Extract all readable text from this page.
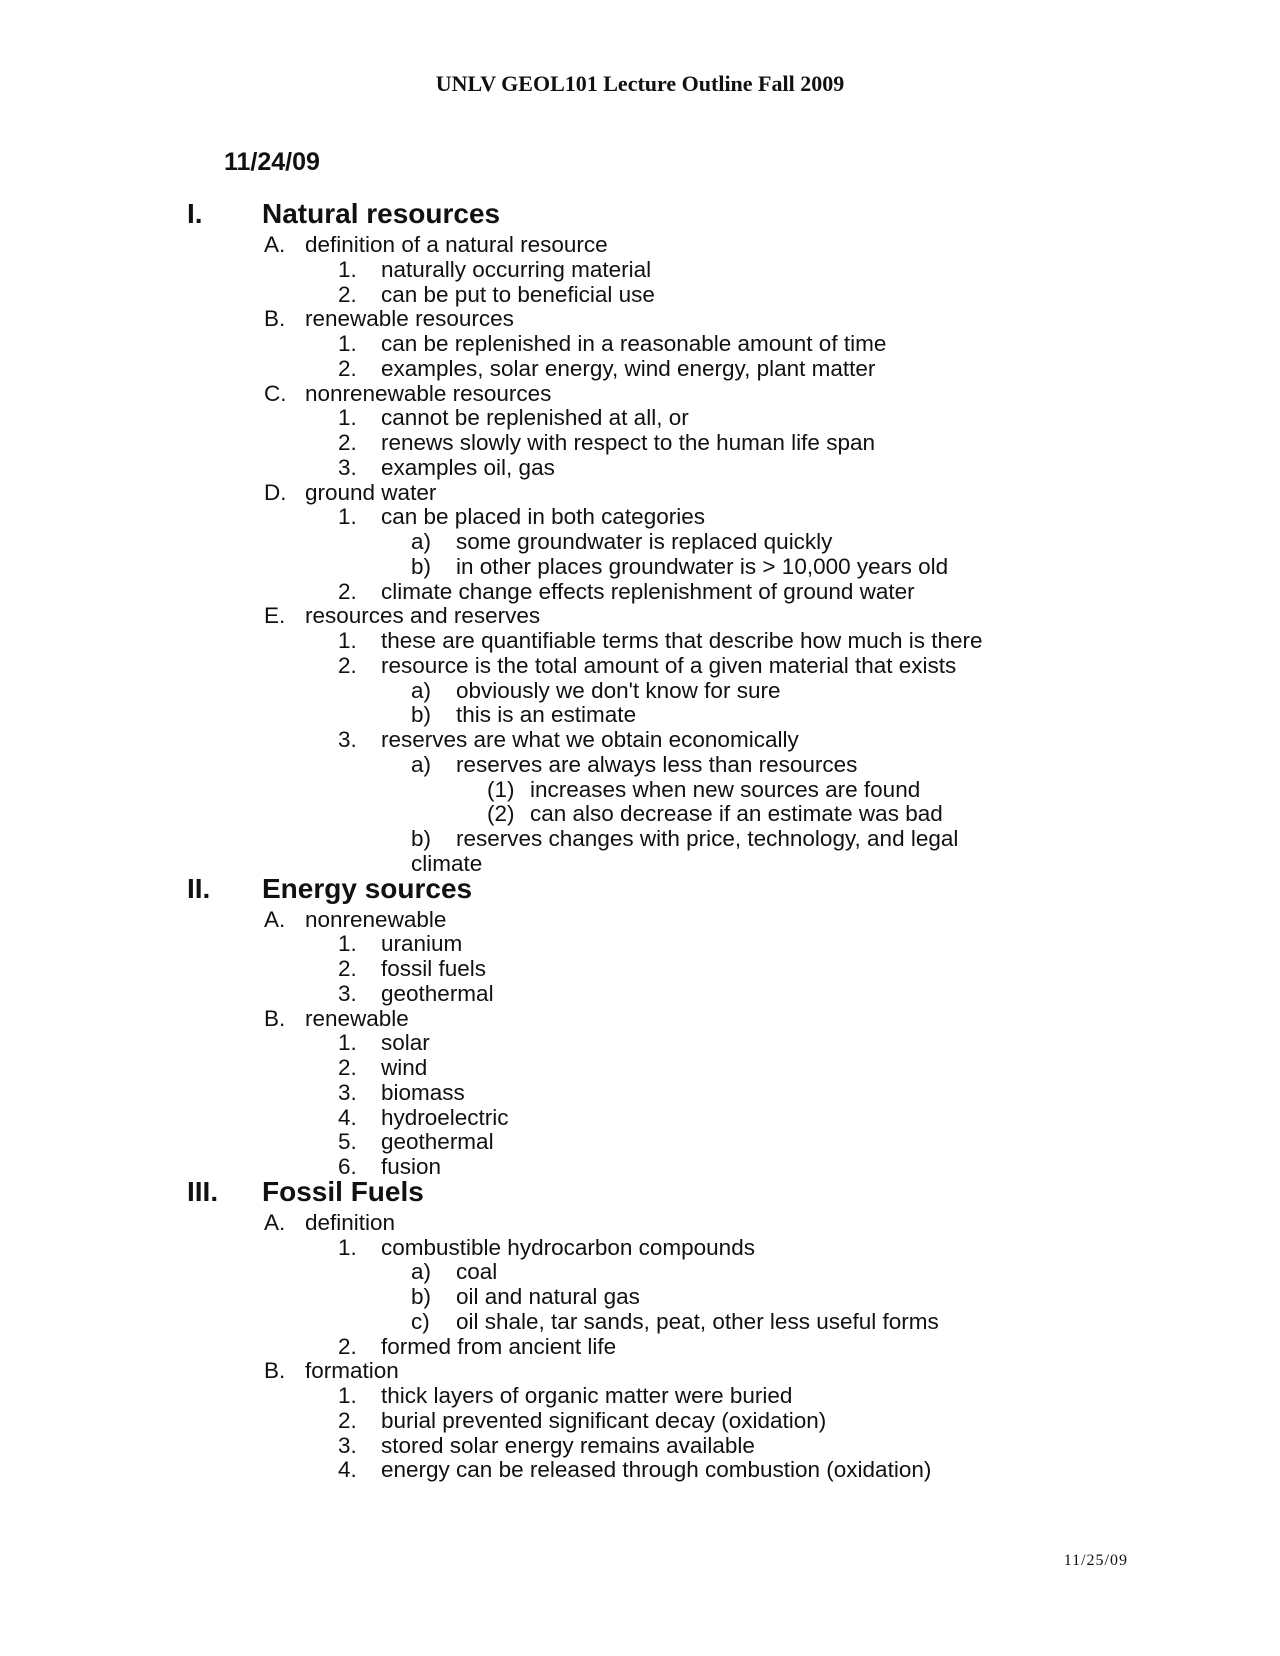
UNLV GEOL101 Lecture Outline Fall 2009
11/24/09
I. Natural resources
A. definition of a natural resource
1. naturally occurring material
2. can be put to beneficial use
B. renewable resources
1. can be replenished in a reasonable amount of time
2. examples, solar energy, wind energy, plant matter
C. nonrenewable resources
1. cannot be replenished at all, or
2. renews slowly with respect to the human life span
3. examples oil, gas
D. ground water
1. can be placed in both categories
a) some groundwater is replaced quickly
b) in other places groundwater is > 10,000 years old
2. climate change effects replenishment of ground water
E. resources and reserves
1. these are quantifiable terms that describe how much is there
2. resource is the total amount of a given material that exists
a) obviously we don't know for sure
b) this is an estimate
3. reserves are what we obtain economically
a) reserves are always less than resources
(1) increases when new sources are found
(2) can also decrease if an estimate was bad
b) reserves changes with price, technology, and legal
climate
II. Energy sources
A. nonrenewable
1. uranium
2. fossil fuels
3. geothermal
B. renewable
1. solar
2. wind
3. biomass
4. hydroelectric
5. geothermal
6. fusion
III. Fossil Fuels
A. definition
1. combustible hydrocarbon compounds
a) coal
b) oil and natural gas
c) oil shale, tar sands, peat, other less useful forms
2. formed from ancient life
B. formation
1. thick layers of organic matter were buried
2. burial prevented significant decay (oxidation)
3. stored solar energy remains available
4. energy can be released through combustion (oxidation)
11/25/09
